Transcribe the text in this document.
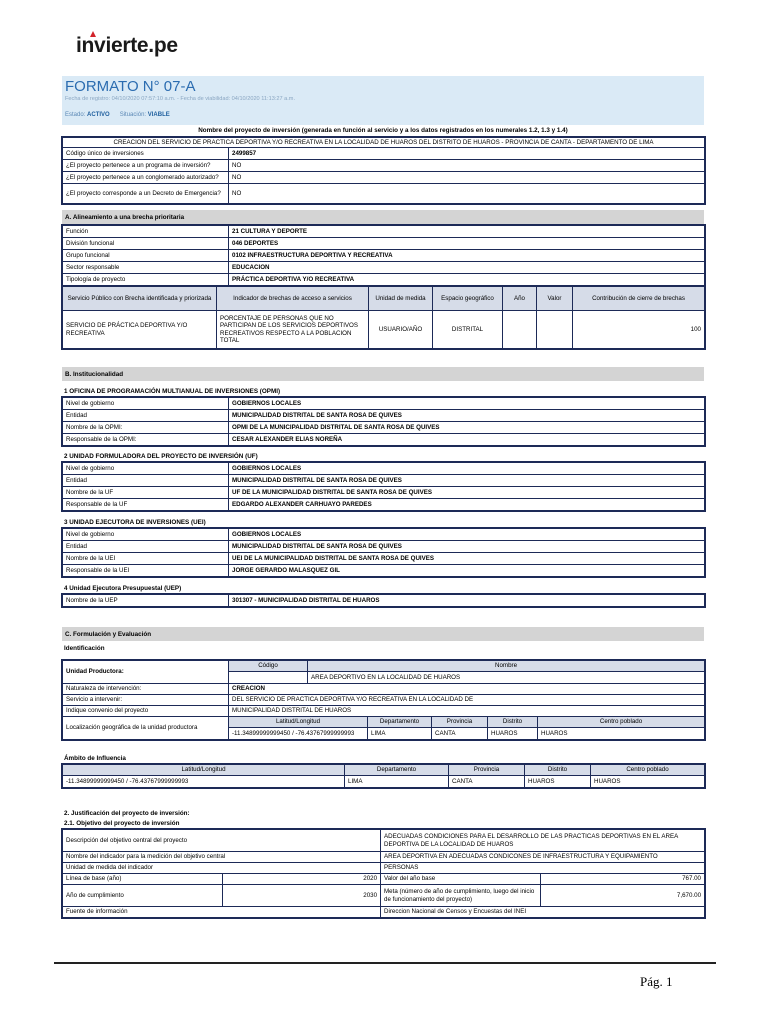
invierte.pe
FORMATO N° 07-A
Fecha de registro: 04/10/2020 07:57:10 a.m. - Fecha de viabilidad: 04/10/2020 11:13:27 a.m.
Estado: ACTIVO Situación: VIABLE
Nombre del proyecto de inversión (generada en función al servicio y a los datos registrados en los numerales 1.2, 1.3 y 1.4)
CREACION DEL SERVICIO DE PRACTICA DEPORTIVA Y/O RECREATIVA EN LA LOCALIDAD DE HUAROS DEL DISTRITO DE HUAROS - PROVINCIA DE CANTA - DEPARTAMENTO DE LIMA	
Código único de inversiones	2499857
¿El proyecto pertenece a un programa de inversión?	NO
¿El proyecto pertenece a un conglomerado autorizado?	NO
¿El proyecto corresponde a un Decreto de Emergencia?	NO
A. Alineamiento a una brecha prioritaria
Función	21 CULTURA Y DEPORTE
División funcional	046 DEPORTES
Grupo funcional	0102 INFRAESTRUCTURA DEPORTIVA Y RECREATIVA
Sector responsable	EDUCACION
Tipología de proyecto	PRÁCTICA DEPORTIVA Y/O RECREATIVA
Servicio Público con Brecha identificada y priorizada	Indicador de brechas de acceso a servicios	Unidad de medida	Espacio geográfico	Año	Valor	Contribución de cierre de brechas
SERVICIO DE PRÁCTICA DEPORTIVA Y/O RECREATIVA	PORCENTAJE DE PERSONAS QUE NO PARTICIPAN DE LOS SERVICIOS DEPORTIVOS RECREATIVOS RESPECTO A LA POBLACION TOTAL	USUARIO/AÑO	DISTRITAL			100
B. Institucionalidad
1 OFICINA DE PROGRAMACIÓN MULTIANUAL DE INVERSIONES (OPMI)
Nivel de gobierno	GOBIERNOS LOCALES
Entidad	MUNICIPALIDAD DISTRITAL DE SANTA ROSA DE QUIVES
Nombre de la OPMI:	OPMI DE LA MUNICIPALIDAD DISTRITAL DE SANTA ROSA DE QUIVES
Responsable de la OPMI:	CESAR ALEXANDER ELIAS NOREÑA
2 UNIDAD FORMULADORA DEL PROYECTO DE INVERSIÓN (UF)
Nivel de gobierno	GOBIERNOS LOCALES
Entidad	MUNICIPALIDAD DISTRITAL DE SANTA ROSA DE QUIVES
Nombre de la UF	UF DE LA MUNICIPALIDAD DISTRITAL DE SANTA ROSA DE QUIVES
Responsable de la UF	EDGARDO ALEXANDER CARHUAYO PAREDES
3 UNIDAD EJECUTORA DE INVERSIONES (UEI)
Nivel de gobierno	GOBIERNOS LOCALES
Entidad	MUNICIPALIDAD DISTRITAL DE SANTA ROSA DE QUIVES
Nombre de la UEI	UEI DE LA MUNICIPALIDAD DISTRITAL DE SANTA ROSA DE QUIVES
Responsable de la UEI	JORGE GERARDO MALASQUEZ GIL
4 Unidad Ejecutora Presupuestal (UEP)
Nombre de la UEP	301307 - MUNICIPALIDAD DISTRITAL DE HUAROS
C. Formulación y Evaluación
Identificación
Unidad Productora:	Código	Nombre				
		AREA DEPORTIVO EN LA LOCALIDAD DE HUAROS				
Naturaleza de intervención:	CREACION					
Servicio a intervenir:	DEL SERVICIO DE PRACTICA DEPORTIVA Y/O RECREATIVA EN LA LOCALIDAD DE					
Indique convenio del proyecto	MUNICIPALIDAD DISTRITAL DE HUAROS					
Localización geográfica de la unidad productora	Latitud/Longitud		Departamento	Provincia	Distrito	Centro poblado
	-11.34899999999450 / -76.43767999999993		LIMA	CANTA	HUAROS	HUAROS
Ámbito de Influencia
Latitud/Longitud	Departamento	Provincia	Distrito	Centro poblado
-11.34899999999450 / -76.43767999999993	LIMA	CANTA	HUAROS	HUAROS
2. Justificación del proyecto de inversión:
2.1. Objetivo del proyecto de inversión
Descripción del objetivo central del proyecto		ADECUADAS CONDICIONES PARA EL DESARROLLO DE LAS PRACTICAS DEPORTIVAS EN EL AREA DEPORTIVA DE LA LOCALIDAD DE HUAROS	
Nombre del indicador para la medición del objetivo central		AREA DEPORTIVA EN ADECUADAS CONDICONES DE INFRAESTRUCTURA Y EQUIPAMIENTO	
Unidad de medida del indicador		PERSONAS	
Línea de base (año)	2020	Valor del año base	767.00
Año de cumplimiento	2030	Meta (número de año de cumplimiento, luego del inicio de funcionamiento del proyecto)	7,670.00
Fuente de información		Direccion Nacional de Censos y Encuestas del INEI	
Pág. 1
